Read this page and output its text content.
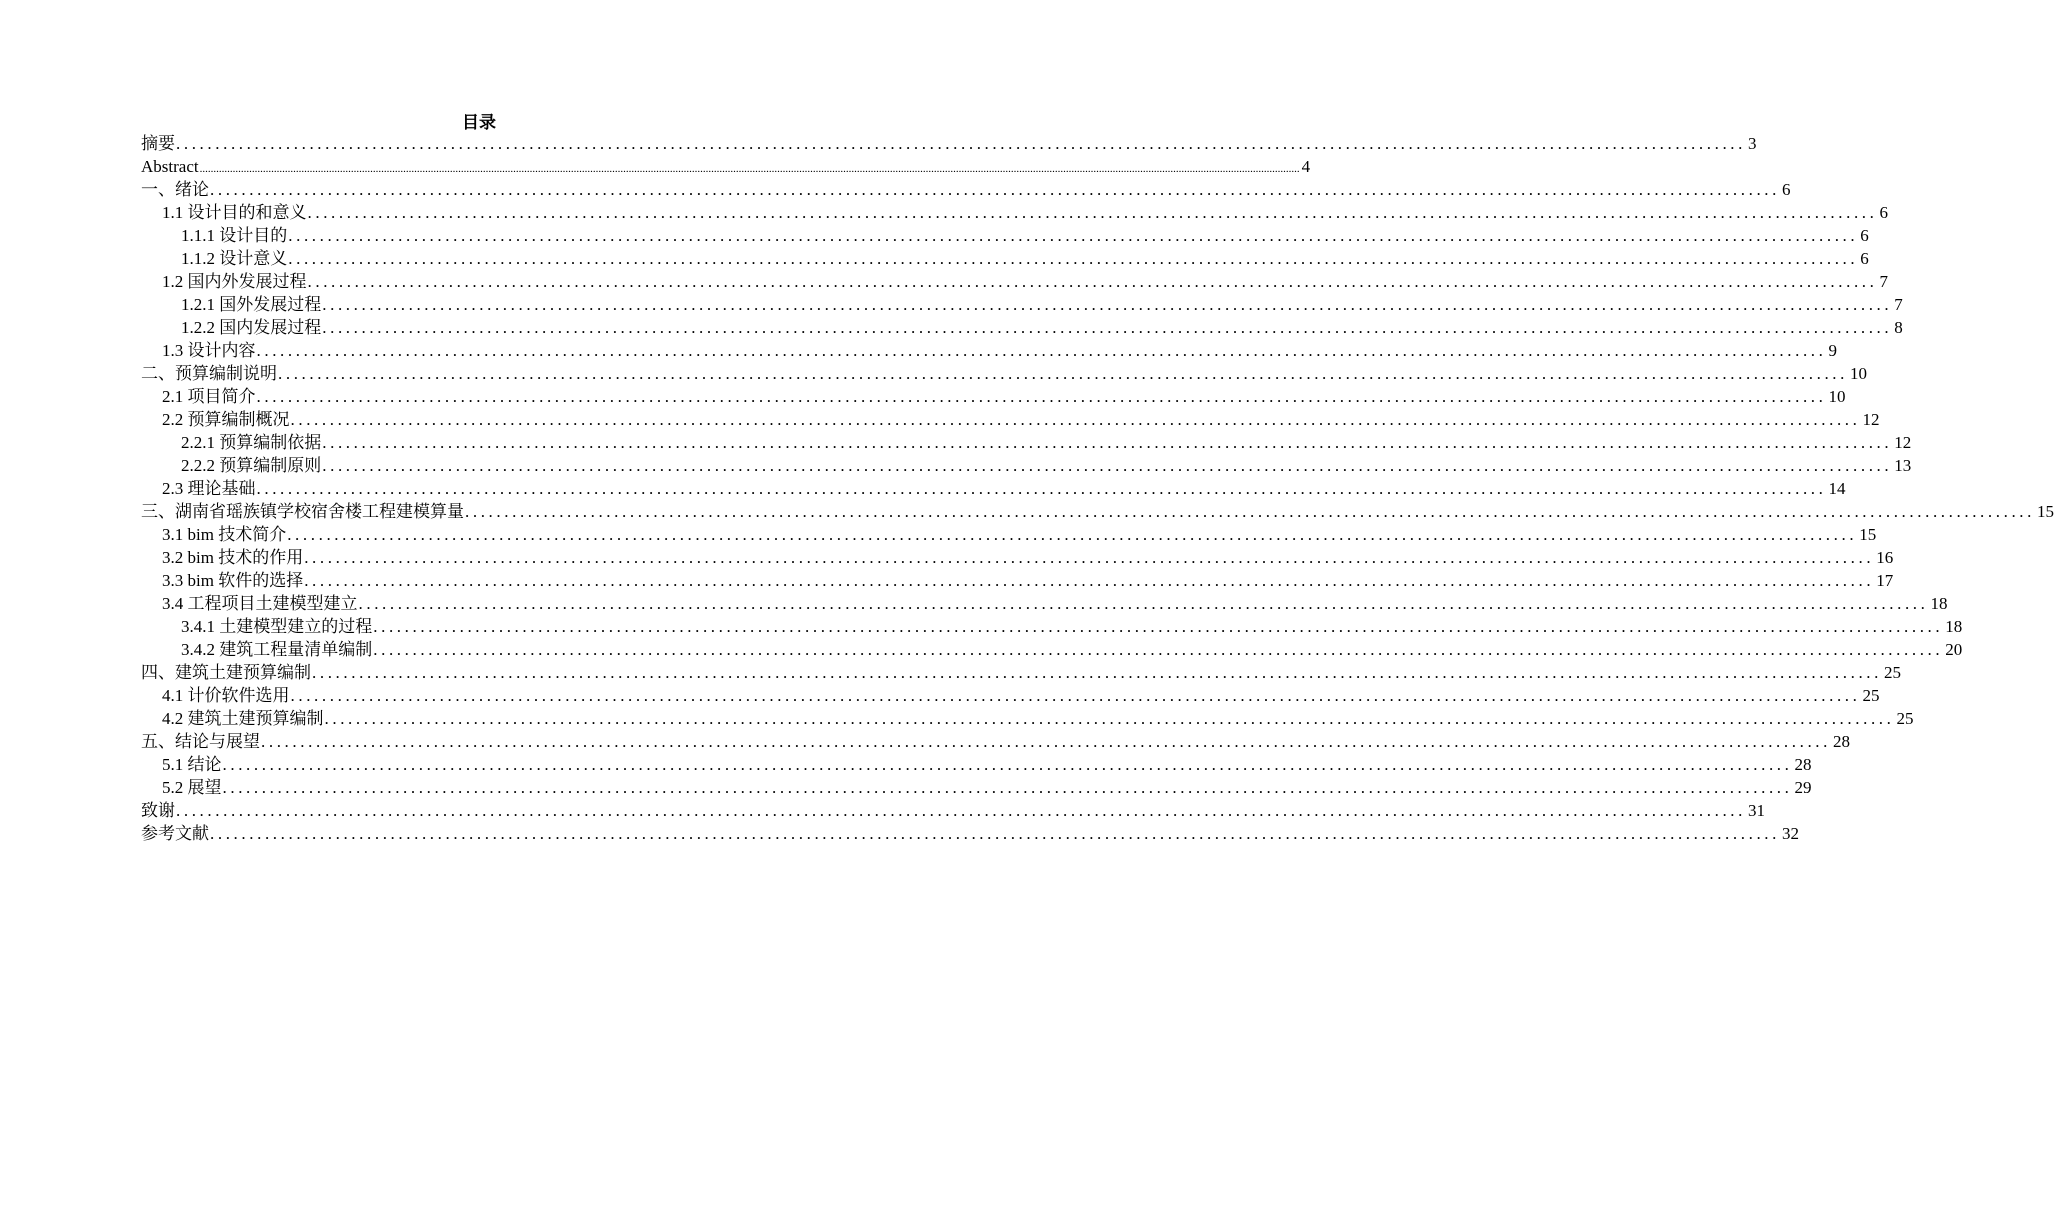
目录
摘要 ........................................................................................................................................................................................................ 3
Abstract ................................................................................................................................................................................................................................................................................................................................................................................................................ 4
一、绪论 ........................................................................................................................................................................................................ 6
1.1 设计目的和意义 ........................................................................................................................................................................................................ 6
1.1.1 设计目的 ........................................................................................................................................................................................................ 6
1.1.2 设计意义 ........................................................................................................................................................................................................ 6
1.2 国内外发展过程 ........................................................................................................................................................................................................ 7
1.2.1 国外发展过程 ........................................................................................................................................................................................................ 7
1.2.2 国内发展过程 ........................................................................................................................................................................................................ 8
1.3 设计内容 ........................................................................................................................................................................................................ 9
二、预算编制说明 ........................................................................................................................................................................................................ 10
2.1 项目简介 ........................................................................................................................................................................................................ 10
2.2 预算编制概况 ........................................................................................................................................................................................................ 12
2.2.1 预算编制依据 ........................................................................................................................................................................................................ 12
2.2.2 预算编制原则 ........................................................................................................................................................................................................ 13
2.3 理论基础 ........................................................................................................................................................................................................ 14
三、湖南省瑶族镇学校宿舍楼工程建模算量 ........................................................................................................................................................................................................ 15
3.1 bim 技术简介 ........................................................................................................................................................................................................ 15
3.2 bim 技术的作用 ........................................................................................................................................................................................................ 16
3.3 bim 软件的选择 ........................................................................................................................................................................................................ 17
3.4 工程项目土建模型建立 ........................................................................................................................................................................................................ 18
3.4.1 土建模型建立的过程 ........................................................................................................................................................................................................ 18
3.4.2 建筑工程量清单编制 ........................................................................................................................................................................................................ 20
四、建筑土建预算编制 ........................................................................................................................................................................................................ 25
4.1 计价软件选用 ........................................................................................................................................................................................................ 25
4.2 建筑土建预算编制 ........................................................................................................................................................................................................ 25
五、结论与展望 ........................................................................................................................................................................................................ 28
5.1 结论 ........................................................................................................................................................................................................ 28
5.2 展望 ........................................................................................................................................................................................................ 29
致谢 ........................................................................................................................................................................................................ 31
参考文献 ........................................................................................................................................................................................................ 32
